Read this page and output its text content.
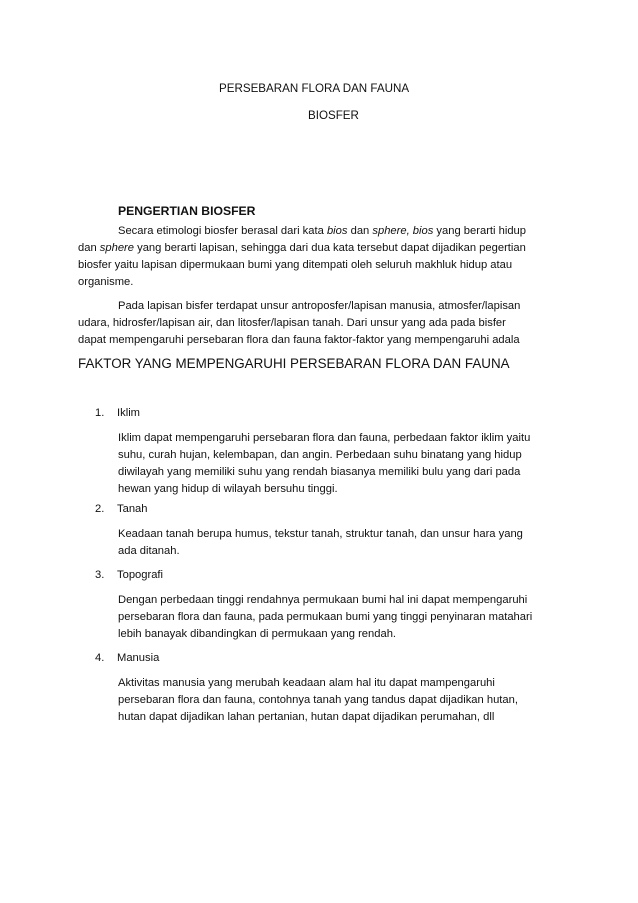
PERSEBARAN FLORA DAN FAUNA
BIOSFER
PENGERTIAN BIOSFER
Secara etimologi biosfer berasal dari kata bios dan sphere, bios yang berarti hidup
dan sphere yang berarti lapisan, sehingga dari dua kata tersebut dapat dijadikan pegertian
biosfer yaitu lapisan dipermukaan bumi yang ditempati oleh seluruh makhluk hidup atau
organisme.
Pada lapisan bisfer terdapat unsur antroposfer/lapisan manusia, atmosfer/lapisan
udara, hidrosfer/lapisan air, dan litosfer/lapisan tanah. Dari unsur yang ada pada bisfer
dapat mempengaruhi persebaran flora dan fauna faktor-faktor yang mempengaruhi adala
FAKTOR YANG MEMPENGARUHI PERSEBARAN FLORA DAN FAUNA
1.	Iklim
Iklim dapat mempengaruhi persebaran flora dan fauna, perbedaan faktor iklim yaitu
suhu, curah hujan, kelembapan, dan angin. Perbedaan suhu binatang yang hidup
diwilayah yang memiliki suhu yang rendah biasanya memiliki bulu yang dari pada
hewan yang hidup di wilayah bersuhu tinggi.
2.	Tanah
Keadaan tanah berupa humus, tekstur tanah, struktur tanah, dan unsur hara yang
ada ditanah.
3.	Topografi
Dengan perbedaan tinggi rendahnya permukaan bumi hal ini dapat mempengaruhi
persebaran flora dan fauna, pada permukaan bumi yang tinggi penyinaran matahari
lebih banayak dibandingkan di permukaan yang rendah.
4.	Manusia
Aktivitas manusia yang merubah keadaan alam hal itu dapat mampengaruhi
persebaran flora dan fauna, contohnya tanah yang tandus dapat dijadikan hutan,
hutan dapat dijadikan lahan pertanian, hutan dapat dijadikan perumahan, dll
